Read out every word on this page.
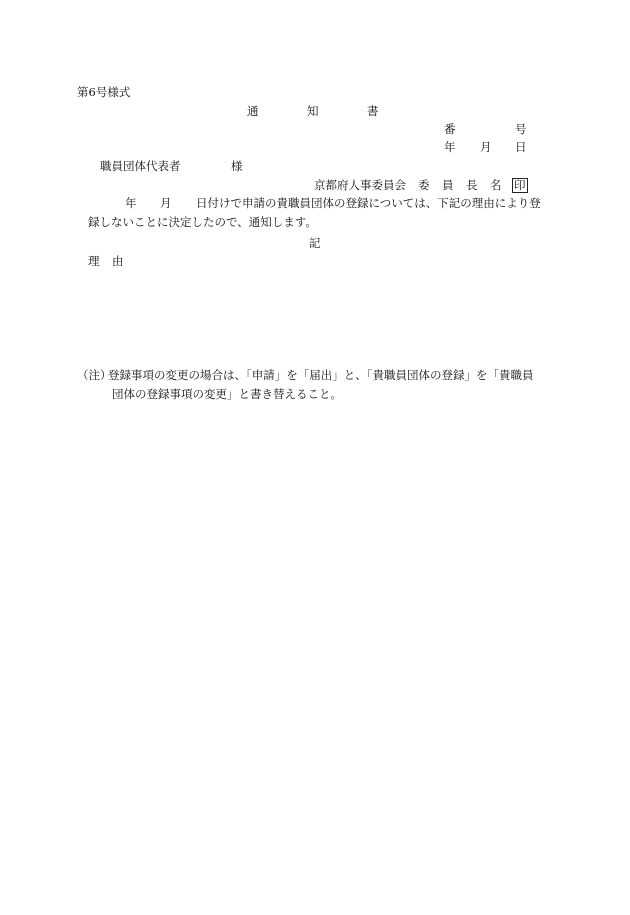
第6号様式
通	知	書
番	号
年 月 日
職員団体代表者	様
京都府人事委員会 委 員 長 名 印
年 月 日付けで申請の貴職員団体の登録については、下記の理由により登
録しないことに決定したので、通知します。
記
理 由
（注）
登録事項の変更の場合は、「申請」を「届出」と、「貴職員団体の登録」を「貴職員
団体の登録事項の変更」と書き替えること。
